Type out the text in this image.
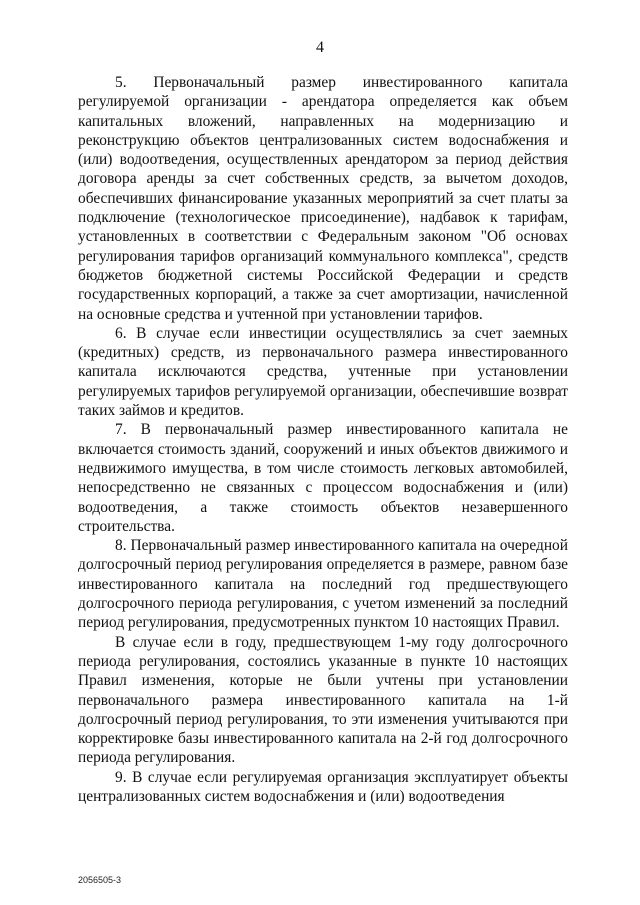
4

5. Первоначальный размер инвестированного капитала регулируемой организации - арендатора определяется как объем капитальных вложений, направленных на модернизацию и реконструкцию объектов централизованных систем водоснабжения и (или) водоотведения, осуществленных арендатором за период действия договора аренды за счет собственных средств, за вычетом доходов, обеспечивших финансирование указанных мероприятий за счет платы за подключение (технологическое присоединение), надбавок к тарифам, установленных в соответствии с Федеральным законом "Об основах регулирования тарифов организаций коммунального комплекса", средств бюджетов бюджетной системы Российской Федерации и средств государственных корпораций, а также за счет амортизации, начисленной на основные средства и учтенной при установлении тарифов.

6. В случае если инвестиции осуществлялись за счет заемных (кредитных) средств, из первоначального размера инвестированного капитала исключаются средства, учтенные при установлении регулируемых тарифов регулируемой организации, обеспечившие возврат таких займов и кредитов.

7. В первоначальный размер инвестированного капитала не включается стоимость зданий, сооружений и иных объектов движимого и недвижимого имущества, в том числе стоимость легковых автомобилей, непосредственно не связанных с процессом водоснабжения и (или) водоотведения, а также стоимость объектов незавершенного строительства.

8. Первоначальный размер инвестированного капитала на очередной долгосрочный период регулирования определяется в размере, равном базе инвестированного капитала на последний год предшествующего долгосрочного периода регулирования, с учетом изменений за последний период регулирования, предусмотренных пунктом 10 настоящих Правил.

В случае если в году, предшествующем 1-му году долгосрочного периода регулирования, состоялись указанные в пункте 10 настоящих Правил изменения, которые не были учтены при установлении первоначального размера инвестированного капитала на 1-й долгосрочный период регулирования, то эти изменения учитываются при корректировке базы инвестированного капитала на 2-й год долгосрочного периода регулирования.

9. В случае если регулируемая организация эксплуатирует объекты централизованных систем водоснабжения и (или) водоотведения

2056505-3
